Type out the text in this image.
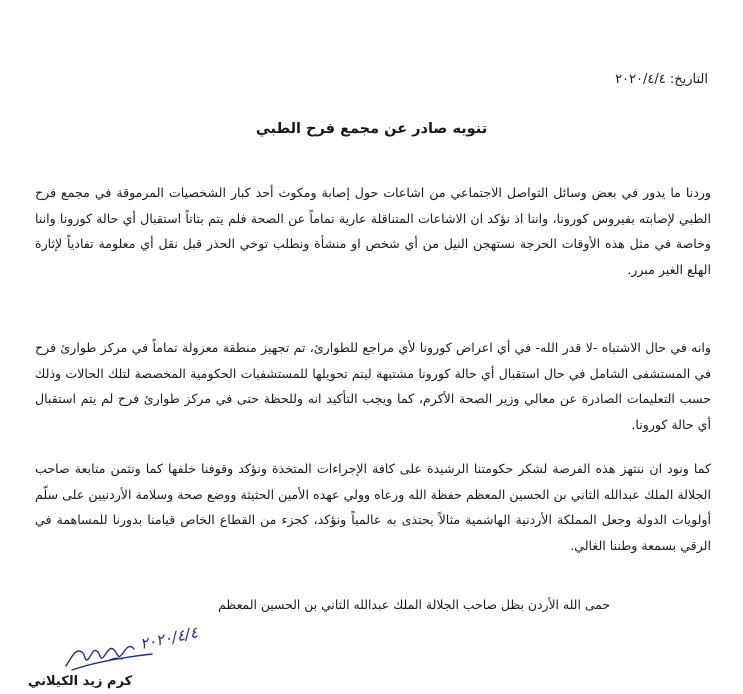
التاريخ: ٢٠٢٠/٤/٤
تنويه صادر عن مجمع فرح الطبي

وردنا ما يدور في بعض وسائل التواصل الاجتماعي من اشاعات حول إصابة ومكوث أحد كبار الشخصيات المرموقة في مجمع فرح الطبي لإصابته بفيروس كورونا، واننا اذ نؤكد ان الاشاعات المتناقلة عارية تماماً عن الصحة فلم يتم بتاتاً استقبال أي حالة كورونا واننا وخاصة في مثل هذه الأوقات الحرجة نستهجن النيل من أي شخص او منشأة ونطلب توخي الحذر قبل نقل أي معلومة تفادياً لإثارة الهلع الغير مبرر.

وانه في حال الاشتباه -لا قدر الله- في أي اعراض كورونا لأي مراجع للطوارئ، تم تجهيز منطقة معزولة تماماً في مركز طوارئ فرح في المستشفى الشامل في حال استقبال أي حالة كورونا مشتبهة ليتم تحويلها للمستشفيات الحكومية المخصصة لتلك الحالات وذلك حسب التعليمات الصادرة عن معالي وزير الصحة الأكرم، كما ويجب التأكيد انه وللحظة حتى في مركز طوارئ فرح لم يتم استقبال أي حالة كورونا.

كما ونود ان ننتهز هذه الفرصة لشكر حكومتنا الرشيدة على كافة الإجراءات المتخذة ونؤكد وقوفنا خلفها كما ونثمن متابعة صاحب الجلالة الملك عبدالله الثاني بن الحسين المعظم حفظة الله ورعاه وولي عهده الأمين الحثيثة ووضع صحة وسلامة الأردنيين على سلّم أولويات الدولة وجعل المملكة الأردنية الهاشمية مثالاً يحتذى به عالمياً ونؤكد، كجزء من القطاع الخاص قيامنا بدورنا للمساهمة في الرقي بسمعة وطننا الغالي.

حمى الله الأردن بظل صاحب الجلالة الملك عبدالله الثاني بن الحسين المعظم
٢٠٢٠/٤/٤
كرم زيد الكيلاني
